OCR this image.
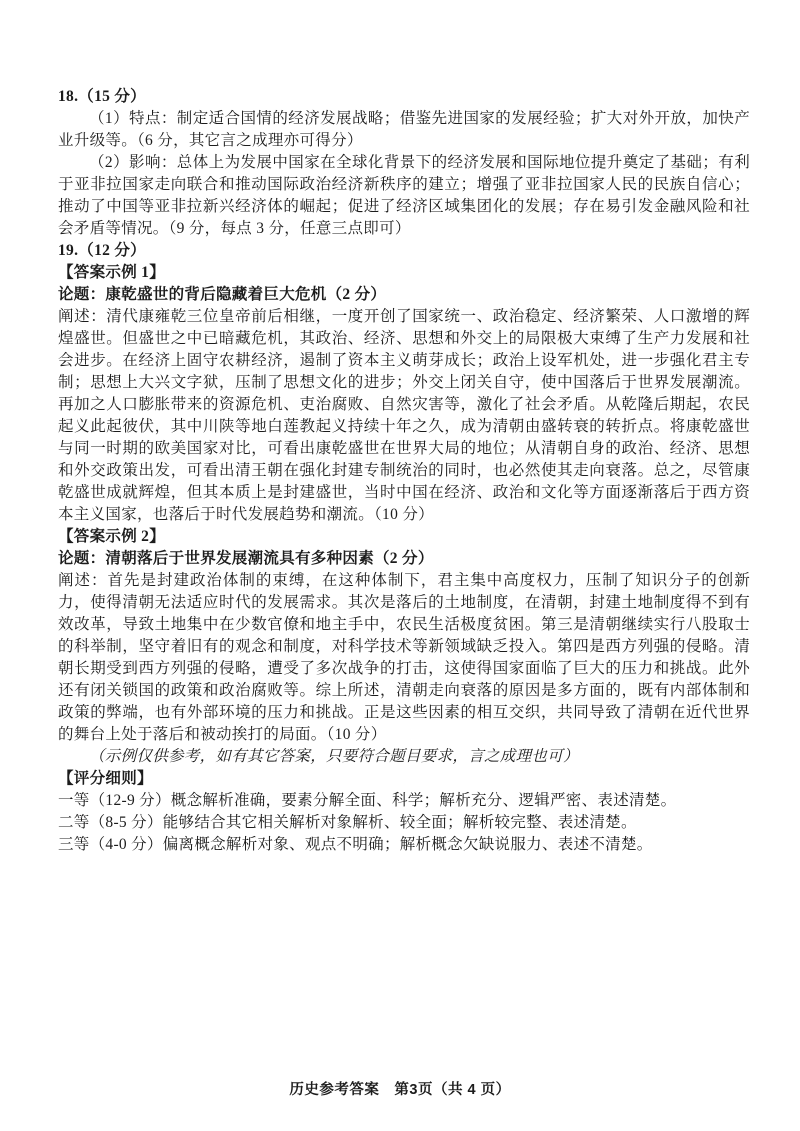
18.（15 分）

（1）特点：制定适合国情的经济发展战略；借鉴先进国家的发展经验；扩大对外开放，加快产业升级等。（6 分，其它言之成理亦可得分）

（2）影响：总体上为发展中国家在全球化背景下的经济发展和国际地位提升奠定了基础；有利于亚非拉国家走向联合和推动国际政治经济新秩序的建立；增强了亚非拉国家人民的民族自信心；推动了中国等亚非拉新兴经济体的崛起；促进了经济区域集团化的发展；存在易引发金融风险和社会矛盾等情况。（9 分，每点 3 分，任意三点即可）

19.（12 分）

【答案示例 1】

论题：康乾盛世的背后隐藏着巨大危机（2 分）

阐述：清代康雍乾三位皇帝前后相继，一度开创了国家统一、政治稳定、经济繁荣、人口激增的辉煌盛世。但盛世之中已暗藏危机，其政治、经济、思想和外交上的局限极大束缚了生产力发展和社会进步。在经济上固守农耕经济，遏制了资本主义萌芽成长；政治上设军机处，进一步强化君主专制；思想上大兴文字狱，压制了思想文化的进步；外交上闭关自守，使中国落后于世界发展潮流。再加之人口膨胀带来的资源危机、吏治腐败、自然灾害等，激化了社会矛盾。从乾隆后期起，农民起义此起彼伏，其中川陕等地白莲教起义持续十年之久，成为清朝由盛转衰的转折点。将康乾盛世与同一时期的欧美国家对比，可看出康乾盛世在世界大局的地位；从清朝自身的政治、经济、思想和外交政策出发，可看出清王朝在强化封建专制统治的同时，也必然使其走向衰落。总之，尽管康乾盛世成就辉煌，但其本质上是封建盛世，当时中国在经济、政治和文化等方面逐渐落后于西方资本主义国家，也落后于时代发展趋势和潮流。（10 分）

【答案示例 2】

论题：清朝落后于世界发展潮流具有多种因素（2 分）

阐述：首先是封建政治体制的束缚，在这种体制下，君主集中高度权力，压制了知识分子的创新力，使得清朝无法适应时代的发展需求。其次是落后的土地制度，在清朝，封建土地制度得不到有效改革，导致土地集中在少数官僚和地主手中，农民生活极度贫困。第三是清朝继续实行八股取士的科举制，坚守着旧有的观念和制度，对科学技术等新领域缺乏投入。第四是西方列强的侵略。清朝长期受到西方列强的侵略，遭受了多次战争的打击，这使得国家面临了巨大的压力和挑战。此外还有闭关锁国的政策和政治腐败等。综上所述，清朝走向衰落的原因是多方面的，既有内部体制和政策的弊端，也有外部环境的压力和挑战。正是这些因素的相互交织，共同导致了清朝在近代世界的舞台上处于落后和被动挨打的局面。（10 分）

（示例仅供参考，如有其它答案，只要符合题目要求，言之成理也可）

【评分细则】

一等（12-9 分）概念解析准确，要素分解全面、科学；解析充分、逻辑严密、表述清楚。

二等（8-5 分）能够结合其它相关解析对象解析、较全面；解析较完整、表述清楚。

三等（4-0 分）偏离概念解析对象、观点不明确；解析概念欠缺说服力、表述不清楚。

历史参考答案　第3页（共 4 页）
